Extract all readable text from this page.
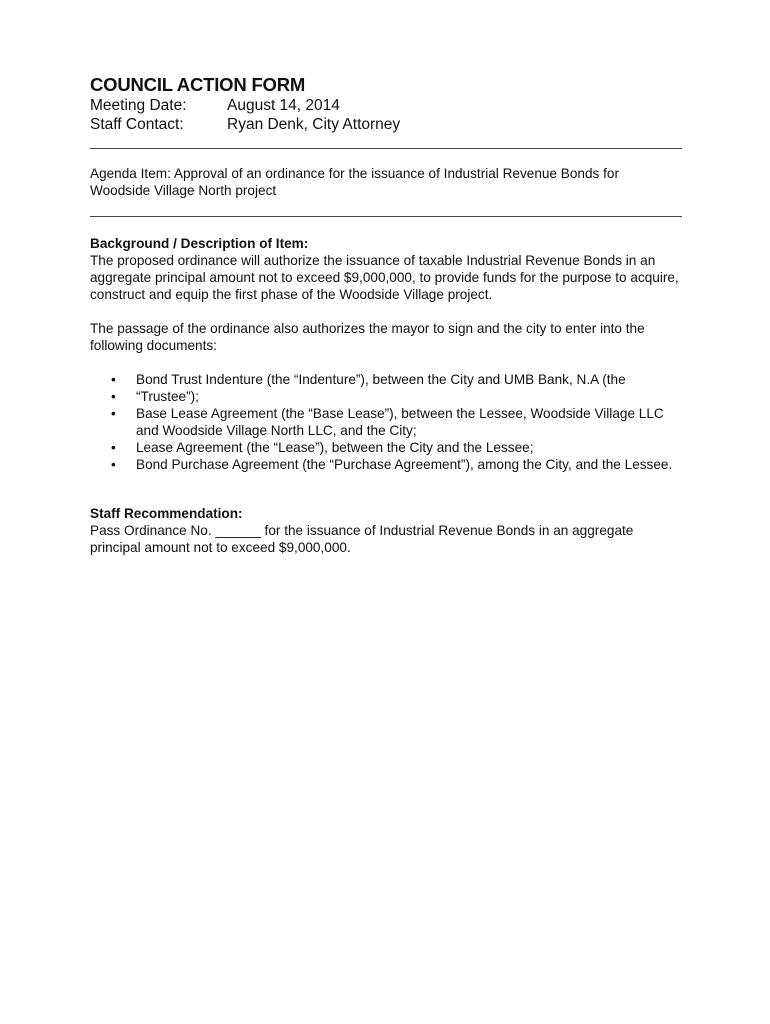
COUNCIL ACTION FORM
Meeting Date:	August 14, 2014
Staff Contact:	Ryan Denk, City Attorney
Agenda Item: Approval of an ordinance for the issuance of Industrial Revenue Bonds for Woodside Village North project
Background / Description of Item:
The proposed ordinance will authorize the issuance of taxable Industrial Revenue Bonds in an aggregate principal amount not to exceed $9,000,000, to provide funds for the purpose to acquire, construct and equip the first phase of the Woodside Village project.
The passage of the ordinance also authorizes the mayor to sign and the city to enter into the following documents:
• Bond Trust Indenture (the “Indenture”), between the City and UMB Bank, N.A (the
• “Trustee”);
• Base Lease Agreement (the “Base Lease”), between the Lessee, Woodside Village LLC and Woodside Village North LLC, and the City;
• Lease Agreement (the “Lease”), between the City and the Lessee;
• Bond Purchase Agreement (the “Purchase Agreement”), among the City, and the Lessee.
Staff Recommendation:
Pass Ordinance No. ______ for the issuance of Industrial Revenue Bonds in an aggregate principal amount not to exceed $9,000,000.
